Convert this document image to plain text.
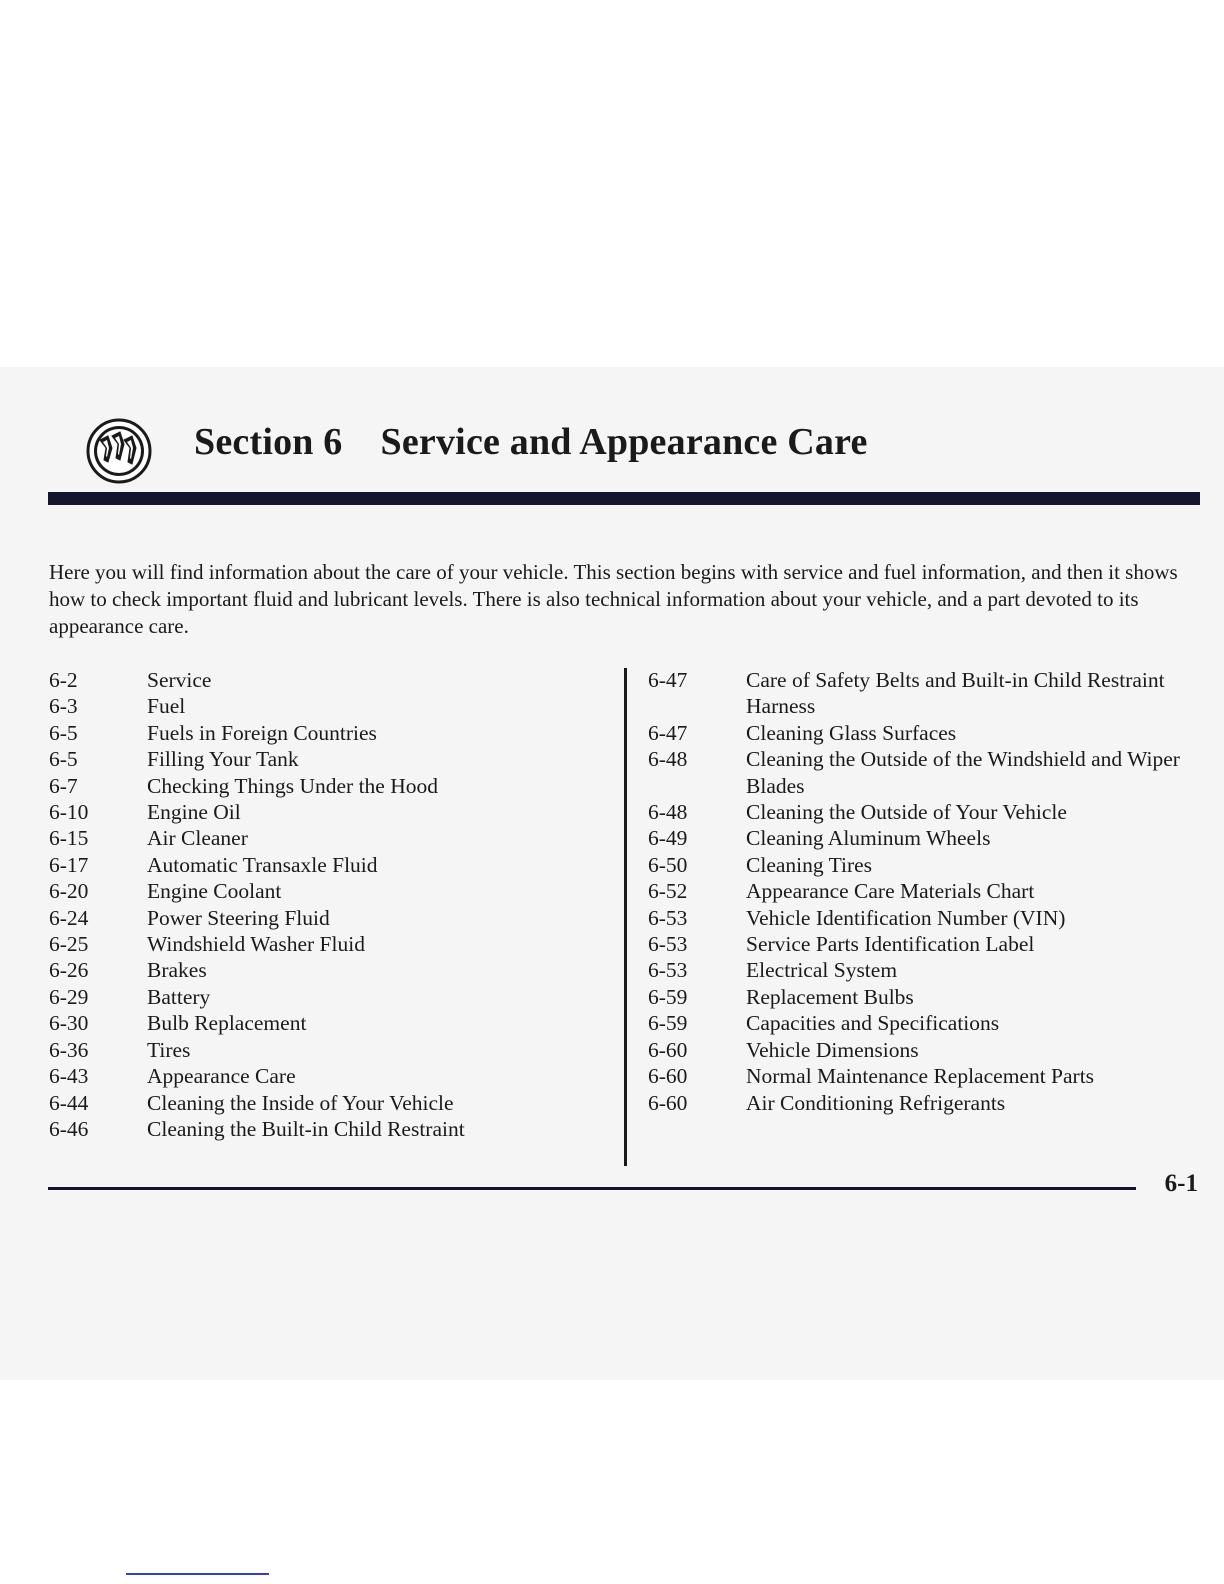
Section 6 Service and Appearance Care

Here you will find information about the care of your vehicle. This section begins with service and fuel information, and then it shows how to check important fluid and lubricant levels. There is also technical information about your vehicle, and a part devoted to its appearance care.

6-2	Service
6-3	Fuel
6-5	Fuels in Foreign Countries
6-5	Filling Your Tank
6-7	Checking Things Under the Hood
6-10	Engine Oil
6-15	Air Cleaner
6-17	Automatic Transaxle Fluid
6-20	Engine Coolant
6-24	Power Steering Fluid
6-25	Windshield Washer Fluid
6-26	Brakes
6-29	Battery
6-30	Bulb Replacement
6-36	Tires
6-43	Appearance Care
6-44	Cleaning the Inside of Your Vehicle
6-46	Cleaning the Built-in Child Restraint
6-47	Care of Safety Belts and Built-in Child Restraint Harness
6-47	Cleaning Glass Surfaces
6-48	Cleaning the Outside of the Windshield and Wiper Blades
6-48	Cleaning the Outside of Your Vehicle
6-49	Cleaning Aluminum Wheels
6-50	Cleaning Tires
6-52	Appearance Care Materials Chart
6-53	Vehicle Identification Number (VIN)
6-53	Service Parts Identification Label
6-53	Electrical System
6-59	Replacement Bulbs
6-59	Capacities and Specifications
6-60	Vehicle Dimensions
6-60	Normal Maintenance Replacement Parts
6-60	Air Conditioning Refrigerants
6-1
